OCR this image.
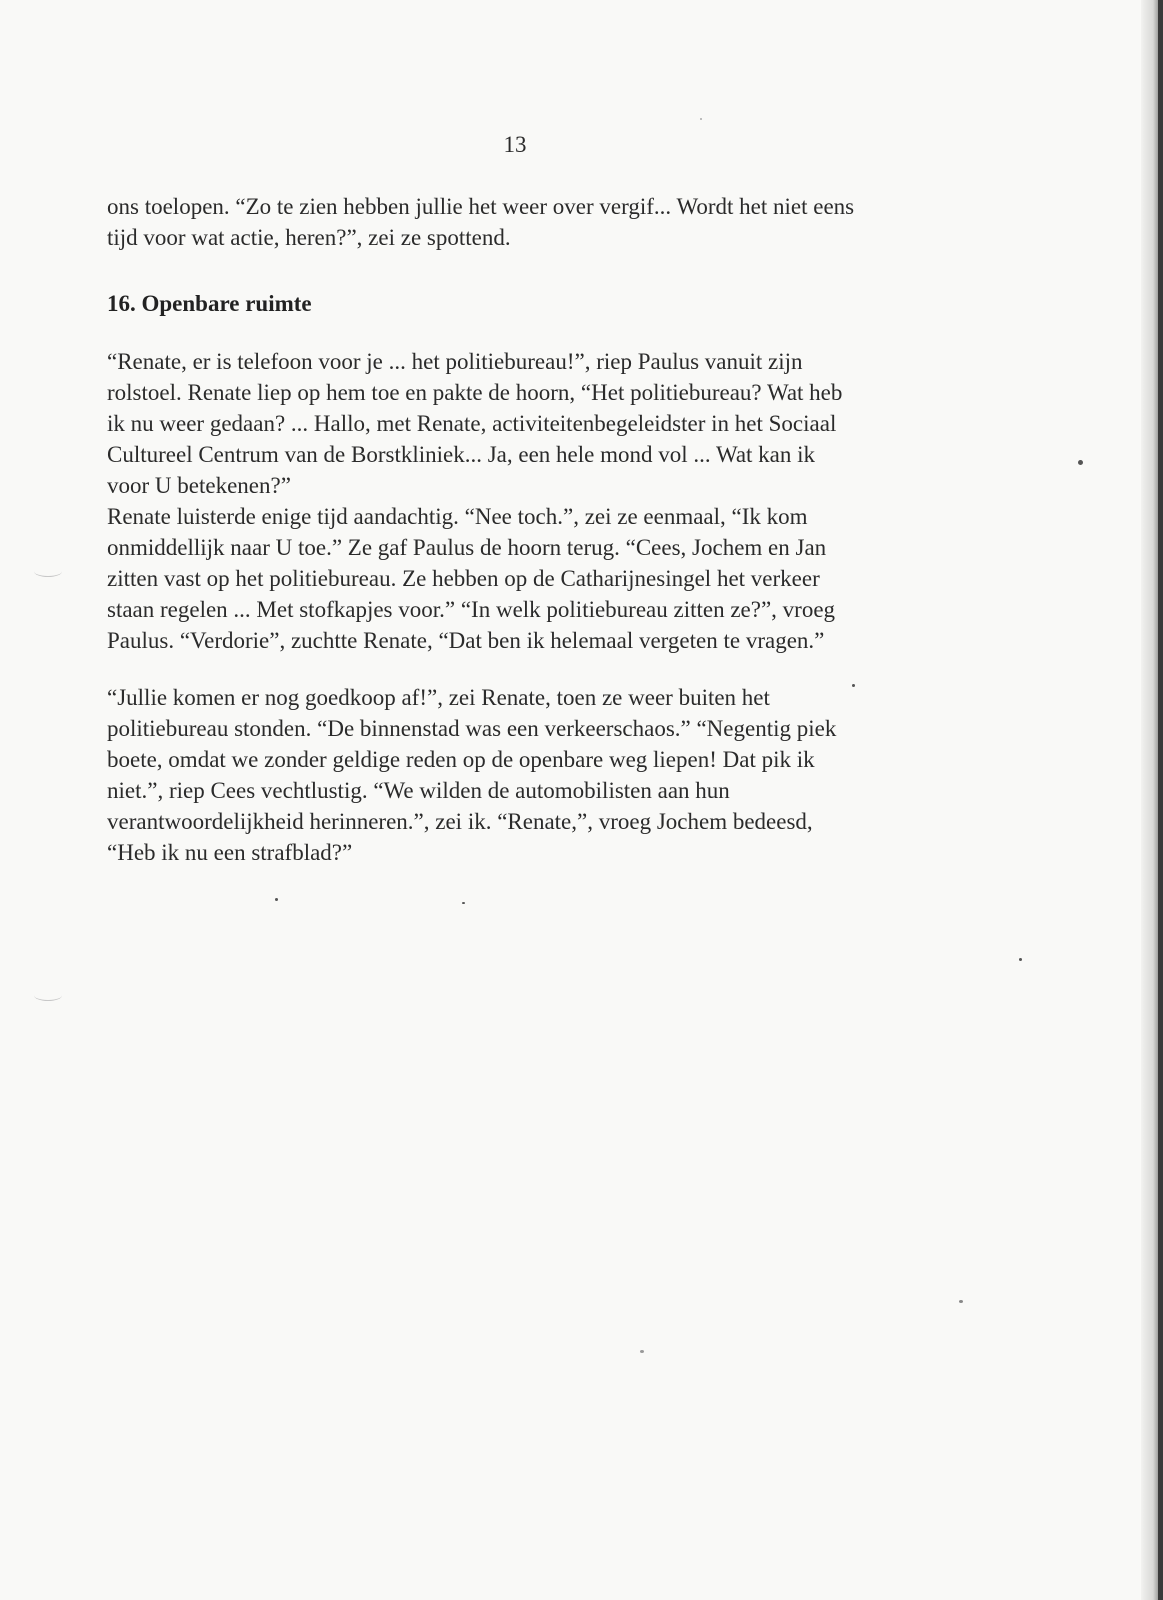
13
ons toelopen. “Zo te zien hebben jullie het weer over vergif... Wordt het niet eens
tijd voor wat actie, heren?”, zei ze spottend.
16. Openbare ruimte
“Renate, er is telefoon voor je ... het politiebureau!”, riep Paulus vanuit zijn
rolstoel. Renate liep op hem toe en pakte de hoorn, “Het politiebureau? Wat heb
ik nu weer gedaan? ... Hallo, met Renate, activiteitenbegeleidster in het Sociaal
Cultureel Centrum van de Borstkliniek... Ja, een hele mond vol ... Wat kan ik
voor U betekenen?”
Renate luisterde enige tijd aandachtig. “Nee toch.”, zei ze eenmaal, “Ik kom
onmiddellijk naar U toe.” Ze gaf Paulus de hoorn terug. “Cees, Jochem en Jan
zitten vast op het politiebureau. Ze hebben op de Catharijnesingel het verkeer
staan regelen ... Met stofkapjes voor.” “In welk politiebureau zitten ze?”, vroeg
Paulus. “Verdorie”, zuchtte Renate, “Dat ben ik helemaal vergeten te vragen.”
“Jullie komen er nog goedkoop af!”, zei Renate, toen ze weer buiten het
politiebureau stonden. “De binnenstad was een verkeerschaos.” “Negentig piek
boete, omdat we zonder geldige reden op de openbare weg liepen! Dat pik ik
niet.”, riep Cees vechtlustig. “We wilden de automobilisten aan hun
verantwoordelijkheid herinneren.”, zei ik. “Renate,”, vroeg Jochem bedeesd,
“Heb ik nu een strafblad?”
